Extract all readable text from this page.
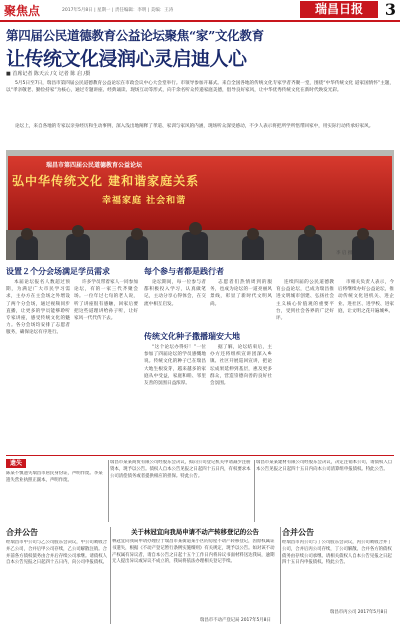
聚焦点	2017年5月8日 | 星期一 | 责任编辑：李明 | 美编：王涛	瑞昌日报	3
第四届公民道德教育公益论坛聚焦“家”文化教育
让传统文化浸润心灵启迪人心
■ 首席记者 陈天云 /文 记者 陈 启 /摄
5月5日至7日，瑞昌市第四届公民道德教育公益论坛在市政会议中心大会堂举行。市领导参加开幕式。来自全国各地的传统文化专家学者齐聚一堂，围绕“中华传统文化 道家国情怀”主题，以“孝亲敬老、勤俭持家”为核心，通过专题讲座、经典诵读、现场互动等形式，向千余名听众传递家庭美德，倡导良好家风，让中华优秀传统文化在新时代焕发光彩。
论坛上，来自各地的专家以亲身经历和生动事例，深入浅出地阐释了孝道、家训与家风的内涵，现场听众深受感动，不少人表示将把所学所悟带回家中，用实际行动传承好家风。
瑞昌市第四届公民道德教育公益论坛
弘中华传统文化 建和谐家庭关系
幸福家庭 社会和谐
李 启 摄
设置２个分会场满足学员需求	每个参与者都是践行者
传统文化种子撒播瑞安大地
本届论坛报名人数超过预期，为满足广大市民学习需求，主办方在主会场之外增设了两个分会场，通过视频同步直播，让更多的学员能够聆听专家讲座，感受传统文化的魅力。各分会场均安排了志愿者服务，确保论坛有序进行。
许多学员带着家人一同参加论坛，有的一家三代齐聚会场。一位年过七旬的老人说，听了讲座很有感触，回家后要把这些道理讲给孙子听，让好家风一代代传下去。
论坛期间，每一位参与者都积极投入学习，认真做笔记，主动分享心得体会，在交流中相互启发。
志愿者们热情周到的服务，也成为论坛的一道亮丽风景线，彰显了新时代文明风尚。
连续四届的公民道德教育公益论坛，已成为瑞昌推进文明城市创建、弘扬社会主义核心价值观的重要平台，受到社会各界的广泛好评。
市相关负责人表示，今后将继续办好公益论坛，推动传统文化进机关、进企业、进社区、进学校、进家庭，让文明之花开遍城乡。
“这个论坛办得好！”一位参加了四届论坛的学员感慨地说。传统文化的种子已在瑞昌大地生根发芽，越来越多的家庭从中受益，家庭和睦、邻里友善的氛围日益浓厚。
据了解，论坛结束后，主办方还将组织宣讲团深入乡镇、社区开展巡回宣讲，把论坛成果延伸到基层，惠及更多群众，营造崇德向善的良好社会氛围。
遗失
陈某不慎遗失瑞昌市居民身份证，声明作废。李某遗失营业执照正副本，声明作废。
瑞昌市某某商贸有限公司经股东会决议，拟向公司登记机关申请减少注册资本，现予以公告。债权人自本公告见报之日起四十五日内，有权要求本公司清偿债务或者提供相应的担保。特此公告。
瑞昌市某某建材有限公司经股东会决议，决定注销本公司，请债权人自本公告见报之日起四十五日内向本公司清算组申报债权。特此公告。
合并公告
经瑞昌市甲公司与乙公司股东会决议，甲公司吸收合并乙公司，合并后甲公司存续，乙公司解散注销。合并前各方债权债务由合并后存续公司承继。请债权人自本公告见报之日起四十五日内，向公司申报债权。
关于林冠宜向我局申请不动产转移登记的公告
林冠宜向我局申请办理位于瑞昌市某街道某小区的房屋不动产转移登记，因原权属证书遗失，根据《不动产登记暂行条例实施细则》有关规定，现予以公告。如对该不动产权属有异议者，请自本公告之日起十五个工作日内将异议书面材料送达我局，逾期无人提出异议或异议不成立的，我局将依法办理相关登记手续。
瑞昌市不动产登记局 2017年5月8日
合并公告
经瑞昌市丙公司与丁公司股东会决议，丙公司吸收合并丁公司，合并后丙公司存续，丁公司解散。合并各方的债权债务由存续公司承继。请相关债权人自本公告见报之日起四十五日内申报债权。特此公告。
瑞昌市丙公司 2017年5月8日
